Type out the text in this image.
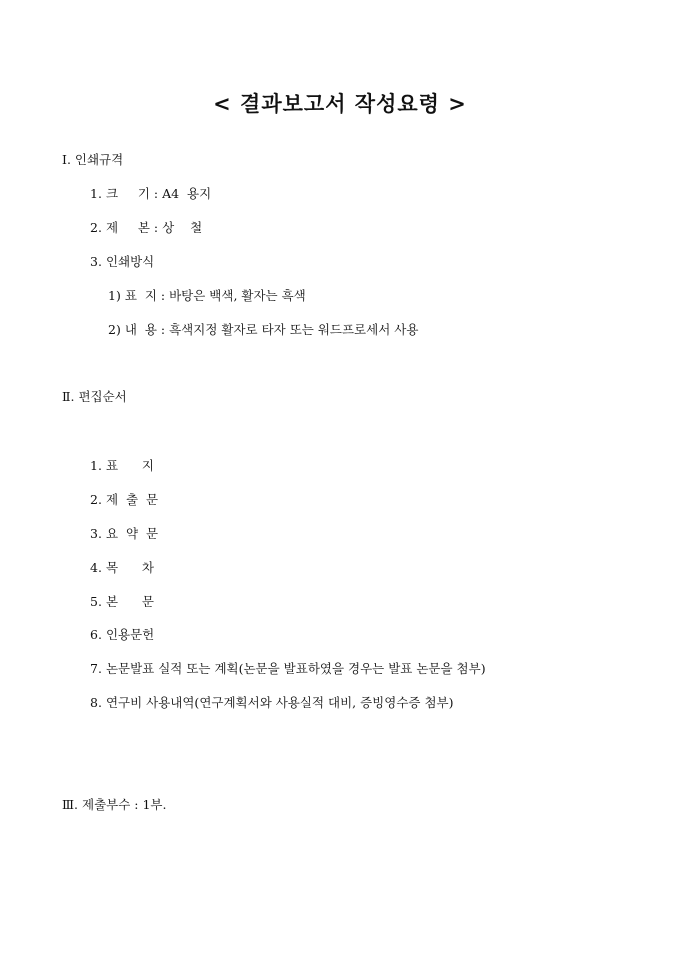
< 결과보고서 작성요령 >
Ⅰ. 인쇄규격
1. 크     기 : A4  용지
2. 제     본 : 상    철
3. 인쇄방식
1) 표  지 : 바탕은 백색, 활자는 흑색
2) 내  용 : 흑색지정 활자로 타자 또는 워드프로세서 사용
Ⅱ. 편집순서
1. 표      지
2. 제  출  문
3. 요  약  문
4. 목      차
5. 본      문
6. 인용문헌
7. 논문발표 실적 또는 계획(논문을 발표하였을 경우는 발표 논문을 첨부)
8. 연구비 사용내역(연구계획서와 사용실적 대비, 증빙영수증 첨부)
Ⅲ. 제출부수 : 1부.
